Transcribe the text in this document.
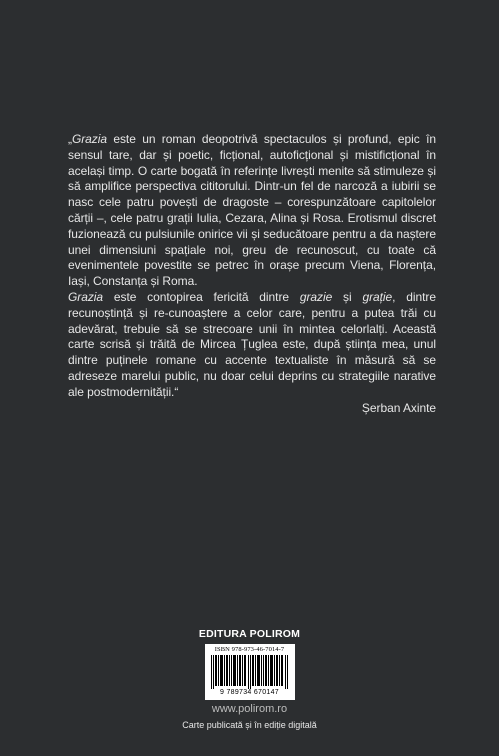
„Grazia este un roman deopotrivă spectaculos și profund, epic în sensul tare, dar și poetic, ficțional, autoficțional și mistificțional în același timp. O carte bogată în referințe livrești menite să stimuleze și să amplifice perspectiva cititorului. Dintr-un fel de narcoză a iubirii se nasc cele patru povești de dragoste – corespunzătoare capitolelor cărții –, cele patru grații Iulia, Cezara, Alina și Rosa. Erotismul discret fuzionează cu pulsiunile onirice vii și seducătoare pentru a da naștere unei dimensiuni spațiale noi, greu de recunoscut, cu toate că evenimentele povestite se petrec în orașe precum Viena, Florența, Iași, Constanța și Roma.

Grazia este contopirea fericită dintre grazie și grație, dintre recunoștință și re-cunoaștere a celor care, pentru a putea trăi cu adevărat, trebuie să se strecoare unii în mintea celorlalți. Această carte scrisă și trăită de Mircea Țuglea este, după știința mea, unul dintre puținele romane cu accente textualiste în măsură să se adreseze marelui public, nu doar celui deprins cu strategiile narative ale postmodernității.“

Șerban Axinte
EDITURA POLIROM
ISBN 978-973-46-7014-7
9 789734 670147
www.polirom.ro
Carte publicată și în ediție digitală
